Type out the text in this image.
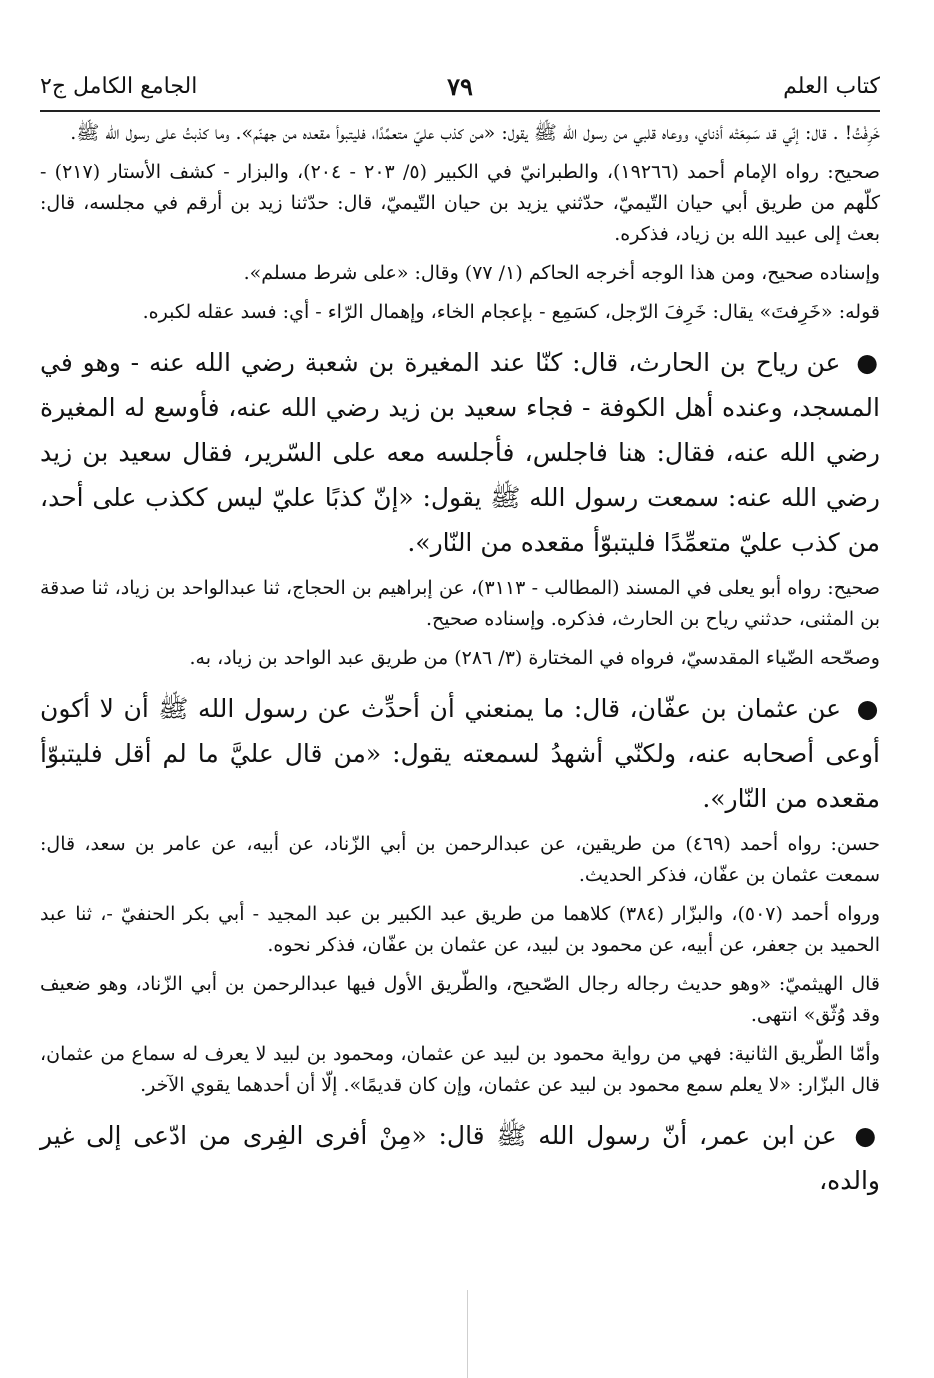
كتاب العلم
٧٩
الجامع الكامل ج٢

خَرِفْتُ! . قال: إنّي قد سَمِعَتْه أذناي، ووعاه قلبي من رسول الله ﷺ يقول: «من كذب عليّ متعمِّدًا، فليتبوأ مقعده من جهنّم». وما كذبتُ على رسول الله ﷺ.

صحيح: رواه الإمام أحمد (١٩٢٦٦)، والطبرانيّ في الكبير (٥/ ٢٠٣ - ٢٠٤)، والبزار - كشف الأستار (٢١٧) - كلّهم من طريق أبي حيان التّيميّ، حدّثني يزيد بن حيان التّيميّ، قال: حدّثنا زيد بن أرقم في مجلسه، قال: بعث إلى عبيد الله بن زياد، فذكره.

وإسناده صحيح، ومن هذا الوجه أخرجه الحاكم (١/ ٧٧) وقال: «على شرط مسلم».

قوله: «خَرِفتَ» يقال: خَرِفَ الرّجل، كسَمِع - بإعجام الخاء، وإهمال الرّاء - أي: فسد عقله لكبره.

● عن رياح بن الحارث، قال: كنّا عند المغيرة بن شعبة رضي الله عنه - وهو في المسجد، وعنده أهل الكوفة - فجاء سعيد بن زيد رضي الله عنه، فأوسع له المغيرة رضي الله عنه، فقال: هنا فاجلس، فأجلسه معه على السّرير، فقال سعيد بن زيد رضي الله عنه: سمعت رسول الله ﷺ يقول: «إنّ كذبًا عليّ ليس ككذب على أحد، من كذب عليّ متعمِّدًا فليتبوّأ مقعده من النّار».

صحيح: رواه أبو يعلى في المسند (المطالب - ٣١١٣)، عن إبراهيم بن الحجاج، ثنا عبدالواحد بن زياد، ثنا صدقة بن المثنى، حدثني رياح بن الحارث، فذكره. وإسناده صحيح.

وصحّحه الضّياء المقدسيّ، فرواه في المختارة (٣/ ٢٨٦) من طريق عبد الواحد بن زياد، به.

● عن عثمان بن عفّان، قال: ما يمنعني أن أحدِّث عن رسول الله ﷺ أن لا أكون أوعى أصحابه عنه، ولكنّي أشهدُ لسمعته يقول: «من قال عليَّ ما لم أقل فليتبوّأ مقعده من النّار».

حسن: رواه أحمد (٤٦٩) من طريقين، عن عبدالرحمن بن أبي الزّناد، عن أبيه، عن عامر بن سعد، قال: سمعت عثمان بن عفّان، فذكر الحديث.

ورواه أحمد (٥٠٧)، والبزّار (٣٨٤) كلاهما من طريق عبد الكبير بن عبد المجيد - أبي بكر الحنفيّ -، ثنا عبد الحميد بن جعفر، عن أبيه، عن محمود بن لبيد، عن عثمان بن عفّان، فذكر نحوه.

قال الهيثميّ: «وهو حديث رجاله رجال الصّحيح، والطّريق الأول فيها عبدالرحمن بن أبي الزّناد، وهو ضعيف وقد وُثّق» انتهى.

وأمّا الطّريق الثانية: فهي من رواية محمود بن لبيد عن عثمان، ومحمود بن لبيد لا يعرف له سماع من عثمان، قال البزّار: «لا يعلم سمع محمود بن لبيد عن عثمان، وإن كان قديمًا». إلّا أن أحدهما يقوي الآخر.

● عن ابن عمر، أنّ رسول الله ﷺ قال: «مِنْ أفرى الفِرى من ادّعى إلى غير والده،
